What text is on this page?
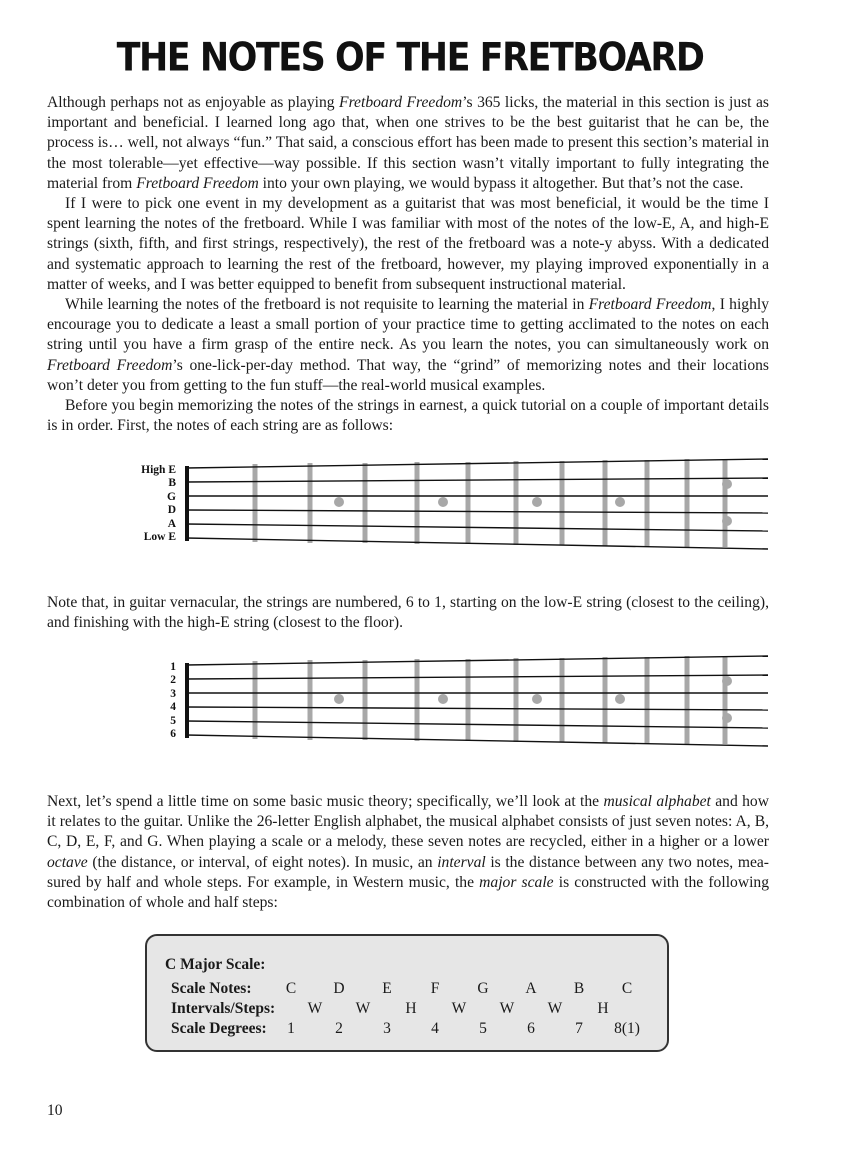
THE NOTES OF THE FRETBOARD

Although perhaps not as enjoyable as playing Fretboard Freedom’s 365 licks, the material in this section is just as important and beneficial. I learned long ago that, when one strives to be the best guitarist that he can be, the process is… well, not always “fun.” That said, a conscious effort has been made to present this section’s material in the most tolerable—yet effective—way possible. If this section wasn’t vitally important to fully integrating the material from Fretboard Freedom into your own playing, we would bypass it altogether. But that’s not the case.

If I were to pick one event in my development as a guitarist that was most beneficial, it would be the time I spent learning the notes of the fretboard. While I was familiar with most of the notes of the low-E, A, and high-E strings (sixth, fifth, and first strings, respectively), the rest of the fretboard was a note-y abyss. With a dedicated and systematic approach to learning the rest of the fretboard, however, my playing improved exponentially in a matter of weeks, and I was better equipped to benefit from subsequent instructional material.

While learning the notes of the fretboard is not requisite to learning the material in Fretboard Freedom, I highly encourage you to dedicate a least a small portion of your practice time to getting acclimated to the notes on each string until you have a firm grasp of the entire neck. As you learn the notes, you can simultaneously work on Fretboard Freedom’s one-lick-per-day method. That way, the “grind” of memorizing notes and their locations won’t deter you from getting to the fun stuff—the real-world musical examples.

Before you begin memorizing the notes of the strings in earnest, a quick tutorial on a couple of important details is in order. First, the notes of each string are as follows:

High E
B
G
D
A
Low E

Note that, in guitar vernacular, the strings are numbered, 6 to 1, starting on the low-E string (closest to the ceiling), and finishing with the high-E string (closest to the floor).

1
2
3
4
5
6

Next, let’s spend a little time on some basic music theory; specifically, we’ll look at the musical alphabet and how it relates to the guitar. Unlike the 26-letter English alphabet, the musical alphabet consists of just seven notes: A, B, C, D, E, F, and G. When playing a scale or a melody, these seven notes are recycled, either in a higher or a lower octave (the distance, or interval, of eight notes). In music, an interval is the distance between any two notes, measured by half and whole steps. For example, in Western music, the major scale is constructed with the following combination of whole and half steps:

C Major Scale:
Scale Notes: C D E	F G A B C
Intervals/Steps: W W H W W W H
Scale Degrees: 1	2	3	4	5	6	7 8(1)
10
